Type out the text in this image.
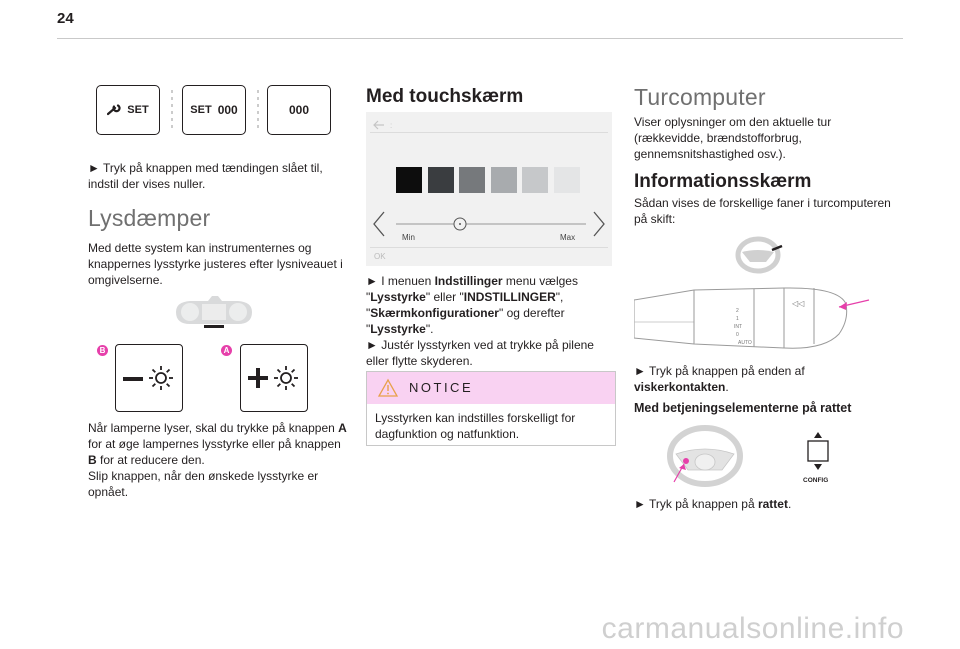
24
SET	SET 000	000
► Tryk på knappen med tændingen slået til, indstil der vises nuller.
Lysdæmper
Med dette system kan instrumenternes og knappernes lysstyrke justeres efter lysniveauet i omgivelserne.
B	A
Når lamperne lyser, skal du trykke på knappen A for at øge lampernes lysstyrke eller på knappen B for at reducere den.
Slip knappen, når den ønskede lysstyrke er opnået.
Med touchskærm
:
Min	Max
OK
► I menuen Indstillinger menu vælges "Lysstyrke" eller "INDSTILLINGER", "Skærmkonfigurationer" og derefter "Lysstyrke".
► Justér lysstyrken ved at trykke på pilene eller flytte skyderen.
NOTICE
Lysstyrken kan indstilles forskelligt for dagfunktion og natfunktion.
Turcomputer
Viser oplysninger om den aktuelle tur (rækkevidde, brændstofforbrug, gennemsnitshastighed osv.).
Informationsskærm
Sådan vises de forskellige faner i turcomputeren på skift:
2
1
INT
0
AUTO
◁◁
► Tryk på knappen på enden af viskerkontakten.
Med betjeningselementerne på rattet
CONFIG
► Tryk på knappen på rattet.
carmanualsonline.info
